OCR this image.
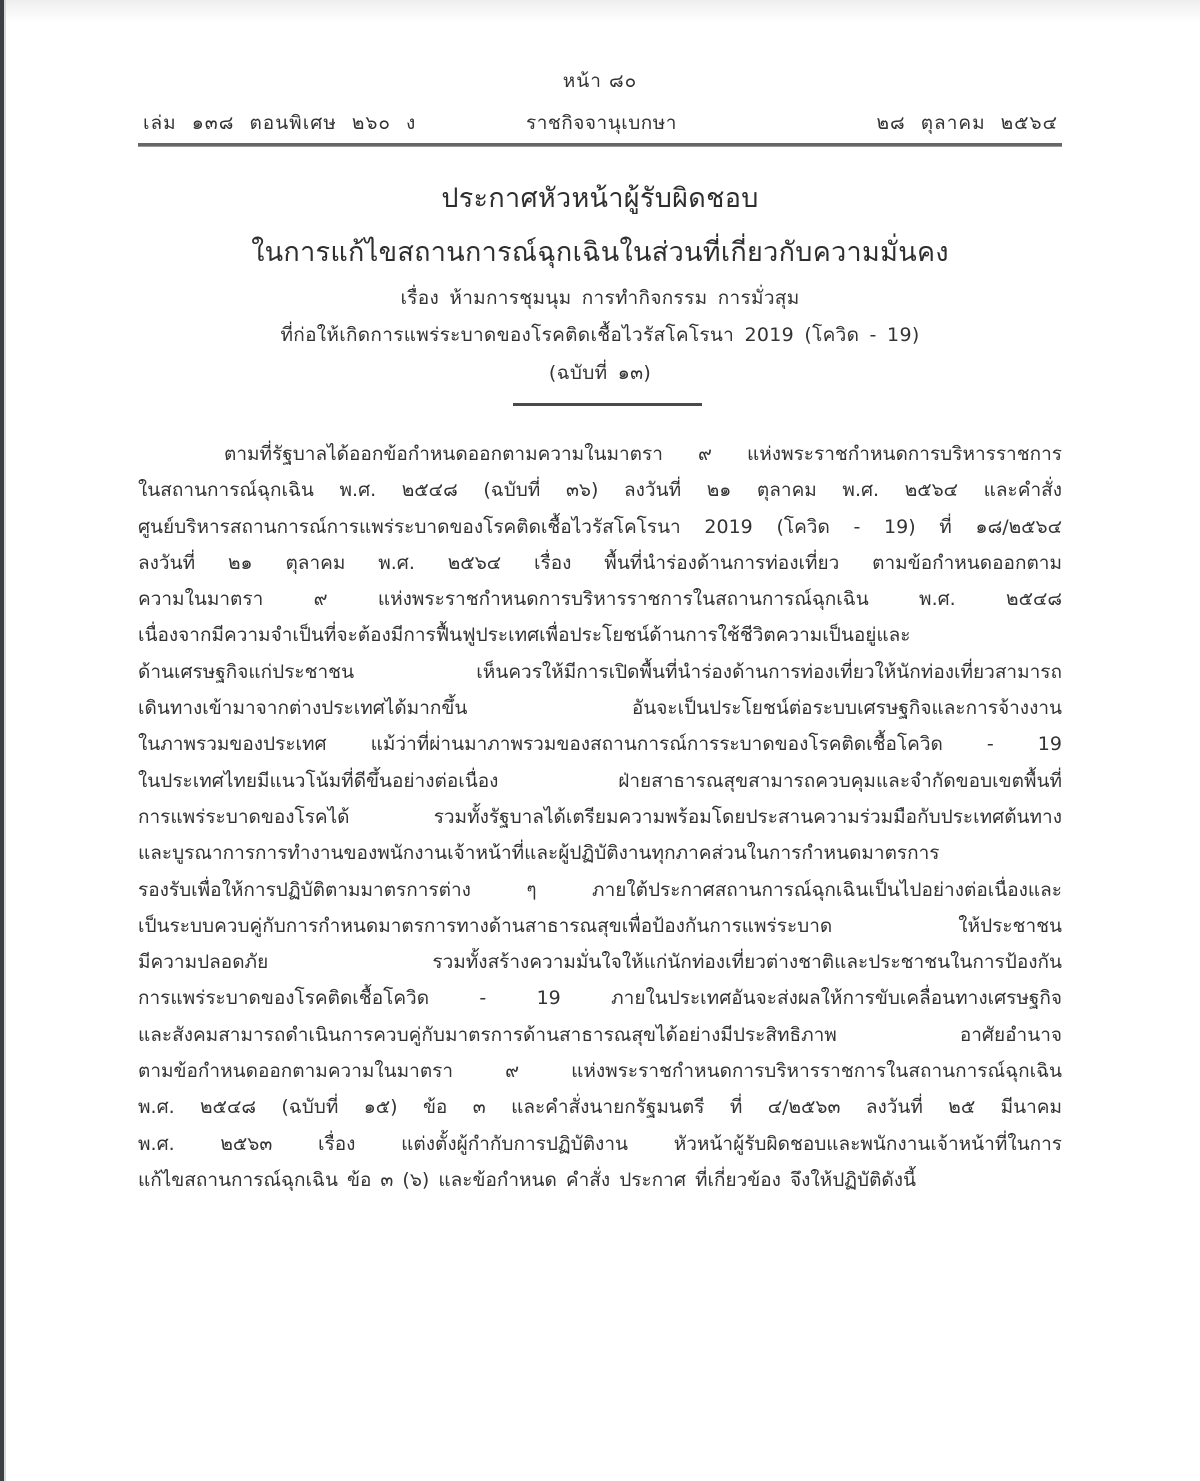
หน้า ๘๐
เล่ม ๑๓๘ ตอนพิเศษ ๒๖๐ ง	ราชกิจจานุเบกษา	๒๘ ตุลาคม ๒๕๖๔
ประกาศหัวหน้าผู้รับผิดชอบ
ในการแก้ไขสถานการณ์ฉุกเฉินในส่วนที่เกี่ยวกับความมั่นคง
เรื่อง ห้ามการชุมนุม การทำกิจกรรม การมั่วสุม
ที่ก่อให้เกิดการแพร่ระบาดของโรคติดเชื้อไวรัสโคโรนา 2019 (โควิด - 19)
(ฉบับที่ ๑๓)
ตามที่รัฐบาลได้ออกข้อกำหนดออกตามความในมาตรา ๙ แห่งพระราชกำหนดการบริหารราชการ
ในสถานการณ์ฉุกเฉิน พ.ศ. ๒๕๔๘ (ฉบับที่ ๓๖) ลงวันที่ ๒๑ ตุลาคม พ.ศ. ๒๕๖๔ และคำสั่ง
ศูนย์บริหารสถานการณ์การแพร่ระบาดของโรคติดเชื้อไวรัสโคโรนา 2019 (โควิด - 19) ที่ ๑๘/๒๕๖๔
ลงวันที่ ๒๑ ตุลาคม พ.ศ. ๒๕๖๔ เรื่อง พื้นที่นำร่องด้านการท่องเที่ยว ตามข้อกำหนดออกตาม
ความในมาตรา ๙ แห่งพระราชกำหนดการบริหารราชการในสถานการณ์ฉุกเฉิน พ.ศ. ๒๕๔๘
เนื่องจากมีความจำเป็นที่จะต้องมีการฟื้นฟูประเทศเพื่อประโยชน์ด้านการใช้ชีวิตความเป็นอยู่และ
ด้านเศรษฐกิจแก่ประชาชน เห็นควรให้มีการเปิดพื้นที่นำร่องด้านการท่องเที่ยวให้นักท่องเที่ยวสามารถ
เดินทางเข้ามาจากต่างประเทศได้มากขึ้น อันจะเป็นประโยชน์ต่อระบบเศรษฐกิจและการจ้างงาน
ในภาพรวมของประเทศ แม้ว่าที่ผ่านมาภาพรวมของสถานการณ์การระบาดของโรคติดเชื้อโควิด - 19
ในประเทศไทยมีแนวโน้มที่ดีขึ้นอย่างต่อเนื่อง ฝ่ายสาธารณสุขสามารถควบคุมและจำกัดขอบเขตพื้นที่
การแพร่ระบาดของโรคได้ รวมทั้งรัฐบาลได้เตรียมความพร้อมโดยประสานความร่วมมือกับประเทศต้นทาง
และบูรณาการการทำงานของพนักงานเจ้าหน้าที่และผู้ปฏิบัติงานทุกภาคส่วนในการกำหนดมาตรการ
รองรับเพื่อให้การปฏิบัติตามมาตรการต่าง ๆ ภายใต้ประกาศสถานการณ์ฉุกเฉินเป็นไปอย่างต่อเนื่องและ
เป็นระบบควบคู่กับการกำหนดมาตรการทางด้านสาธารณสุขเพื่อป้องกันการแพร่ระบาด ให้ประชาชน
มีความปลอดภัย รวมทั้งสร้างความมั่นใจให้แก่นักท่องเที่ยวต่างชาติและประชาชนในการป้องกัน
การแพร่ระบาดของโรคติดเชื้อโควิด - 19 ภายในประเทศอันจะส่งผลให้การขับเคลื่อนทางเศรษฐกิจ
และสังคมสามารถดำเนินการควบคู่กับมาตรการด้านสาธารณสุขได้อย่างมีประสิทธิภาพ อาศัยอำนาจ
ตามข้อกำหนดออกตามความในมาตรา ๙ แห่งพระราชกำหนดการบริหารราชการในสถานการณ์ฉุกเฉิน
พ.ศ. ๒๕๔๘ (ฉบับที่ ๑๕) ข้อ ๓ และคำสั่งนายกรัฐมนตรี ที่ ๔/๒๕๖๓ ลงวันที่ ๒๕ มีนาคม
พ.ศ. ๒๕๖๓ เรื่อง แต่งตั้งผู้กำกับการปฏิบัติงาน หัวหน้าผู้รับผิดชอบและพนักงานเจ้าหน้าที่ในการ
แก้ไขสถานการณ์ฉุกเฉิน ข้อ ๓ (๖) และข้อกำหนด คำสั่ง ประกาศ ที่เกี่ยวข้อง จึงให้ปฏิบัติดังนี้
